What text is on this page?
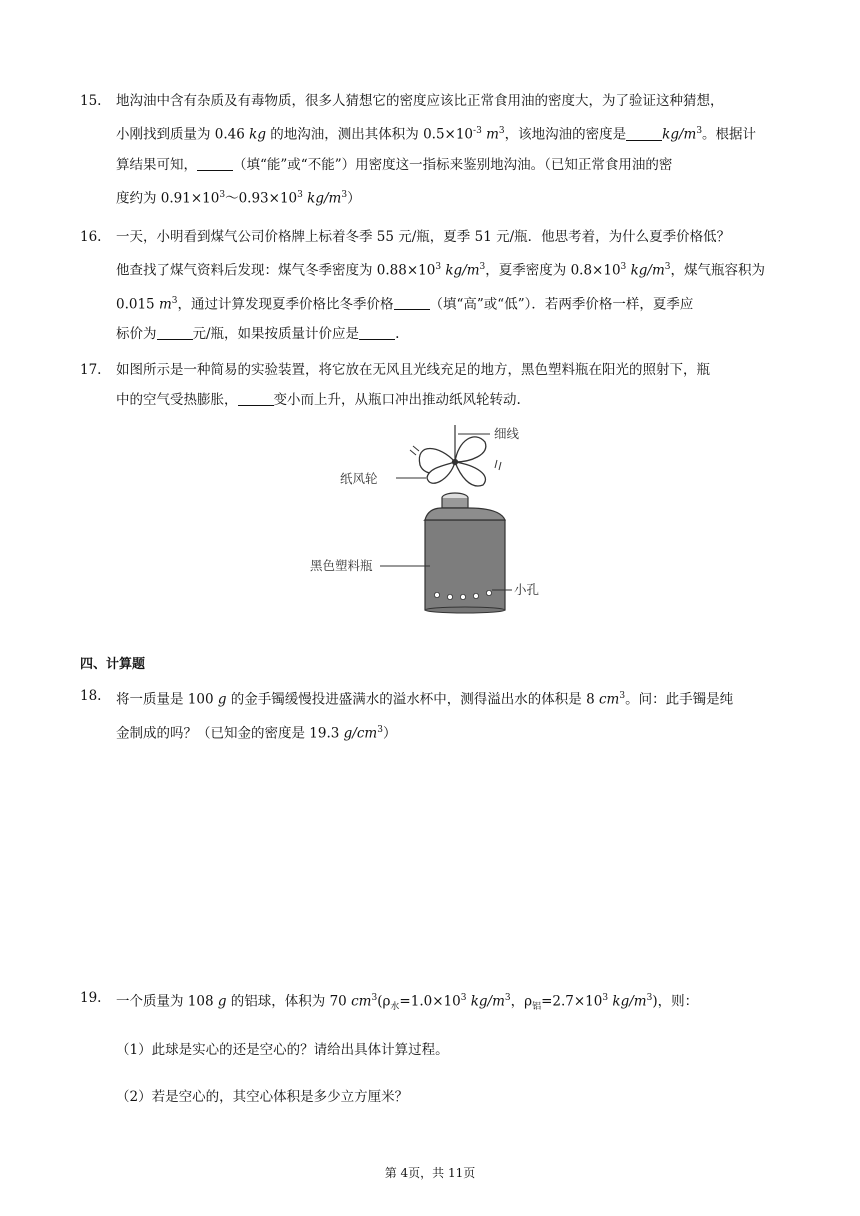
15. 地沟油中含有杂质及有毒物质，很多人猜想它的密度应该比正常食用油的密度大，为了验证这种猜想，
小刚找到质量为 0.46 kg 的地沟油，测出其体积为 $0.5\times 10^{-3}$ $m^3$，该地沟油的密度是	$kg/m^3$。根据计
算结果可知，	（填“能”或“不能”）用密度这一指标来鉴别地沟油。（已知正常食用油的密
度约为 $0.91\times 10^3\sim 0.93\times 10^3$ $kg/m^3$）
16. 一天，小明看到煤气公司价格牌上标着冬季 55 元/瓶，夏季 51 元/瓶．他思考着，为什么夏季价格低？
他查找了煤气资料后发现：煤气冬季密度为 $0.88\times 10^3$ $kg/m^3$，夏季密度为 $0.8\times 10^3$ $kg/m^3$，煤气瓶容积为
0.015 $m^3$，通过计算发现夏季价格比冬季价格	（填“高”或“低”）．若两季价格一样，夏季应
标价为	元/瓶，如果按质量计价应是	.
17. 如图所示是一种简易的实验装置，将它放在无风且光线充足的地方，黑色塑料瓶在阳光的照射下，瓶
中的空气受热膨胀，	变小而上升，从瓶口冲出推动纸风轮转动.
细线
纸风轮
黑色塑料瓶
小孔
四、计算题
18. 将一质量是 100 g 的金手镯缓慢投进盛满水的溢水杯中，测得溢出水的体积是 8 $cm^3$。问：此手镯是纯
金制成的吗？（已知金的密度是 19.3 $g/cm^3$）
19. 一个质量为 108 g 的铝球，体积为 70 $cm^3(\rho_水=1.0\times 10^3$ $kg/m^3$，$\rho_铝=2.7\times 10^3$ $kg/m^3$)，则：
（1）此球是实心的还是空心的？请给出具体计算过程。
（2）若是空心的，其空心体积是多少立方厘米？
第 4页，共 11页
